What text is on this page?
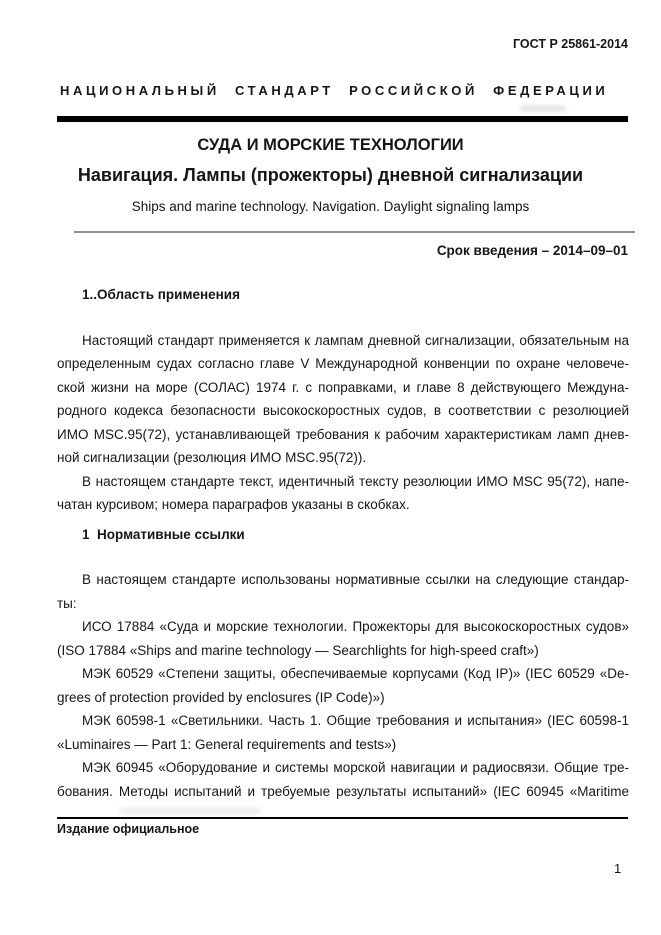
ГОСТ Р 25861-2014
НАЦИОНАЛЬНЫЙ СТАНДАРТ РОССИЙСКОЙ ФЕДЕРАЦИИ
СУДА И МОРСКИЕ ТЕХНОЛОГИИ
Навигация. Лампы (прожекторы) дневной сигнализации
Ships and marine technology. Navigation. Daylight signaling lamps
Срок введения – 2014–09–01
1..Область применения

Настоящий стандарт применяется к лампам дневной сигнализации, обязательным на
определенным судах согласно главе V Международной конвенции по охране человече-
ской жизни на море (СОЛАС) 1974 г. с поправками, и главе 8 действующего Междуна-
родного кодекса безопасности высокоскоростных судов, в соответствии с резолюцией
ИМО MSC.95(72), устанавливающей требования к рабочим характеристикам ламп днев-
ной сигнализации (резолюция ИМО MSC.95(72)).

В настоящем стандарте текст, идентичный тексту резолюции ИМО MSC 95(72), напе-
чатан курсивом; номера параграфов указаны в скобках.

1  Нормативные ссылки

В настоящем стандарте использованы нормативные ссылки на следующие стандар-
ты:

ИСО 17884 «Суда и морские технологии. Прожекторы для высокоскоростных судов»
(ISO 17884 «Ships and marine technology — Searchlights for high-speed craft»)

МЭК 60529 «Степени защиты, обеспечиваемые корпусами (Код IP)» (IEC 60529 «De-
grees of protection provided by enclosures (IP Code)»)

МЭК 60598-1 «Светильники. Часть 1. Общие требования и испытания» (IEC 60598-1
«Luminaires — Part 1: General requirements and tests»)

МЭК 60945 «Оборудование и системы морской навигации и радиосвязи. Общие тре-
бования. Методы испытаний и требуемые результаты испытаний» (IEC 60945 «Maritime

Издание официальное
1
